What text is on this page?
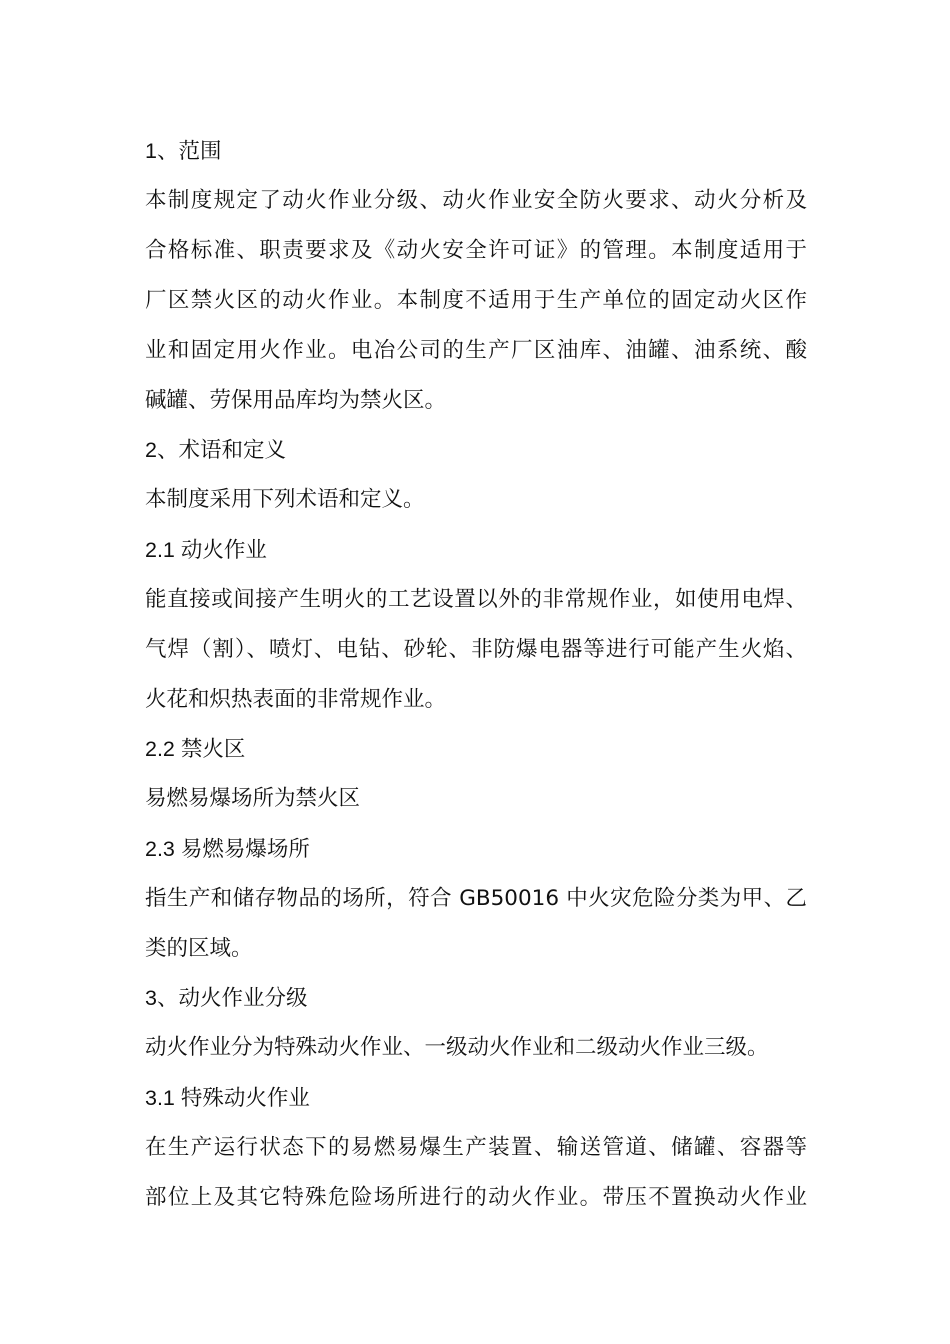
1、范围
本制度规定了动火作业分级、动火作业安全防火要求、动火分析及
合格标准、职责要求及《动火安全许可证》的管理。本制度适用于
厂区禁火区的动火作业。本制度不适用于生产单位的固定动火区作
业和固定用火作业。电冶公司的生产厂区油库、油罐、油系统、酸
碱罐、劳保用品库均为禁火区。
2、术语和定义
本制度采用下列术语和定义。
2.1 动火作业
能直接或间接产生明火的工艺设置以外的非常规作业，如使用电焊、
气焊（割）、喷灯、电钻、砂轮、非防爆电器等进行可能产生火焰、
火花和炽热表面的非常规作业。
2.2 禁火区
易燃易爆场所为禁火区
2.3 易燃易爆场所
指生产和储存物品的场所，符合 GB50016 中火灾危险分类为甲、乙
类的区域。
3、动火作业分级
动火作业分为特殊动火作业、一级动火作业和二级动火作业三级。
3.1 特殊动火作业
在生产运行状态下的易燃易爆生产装置、输送管道、储罐、容器等
部位上及其它特殊危险场所进行的动火作业。带压不置换动火作业
